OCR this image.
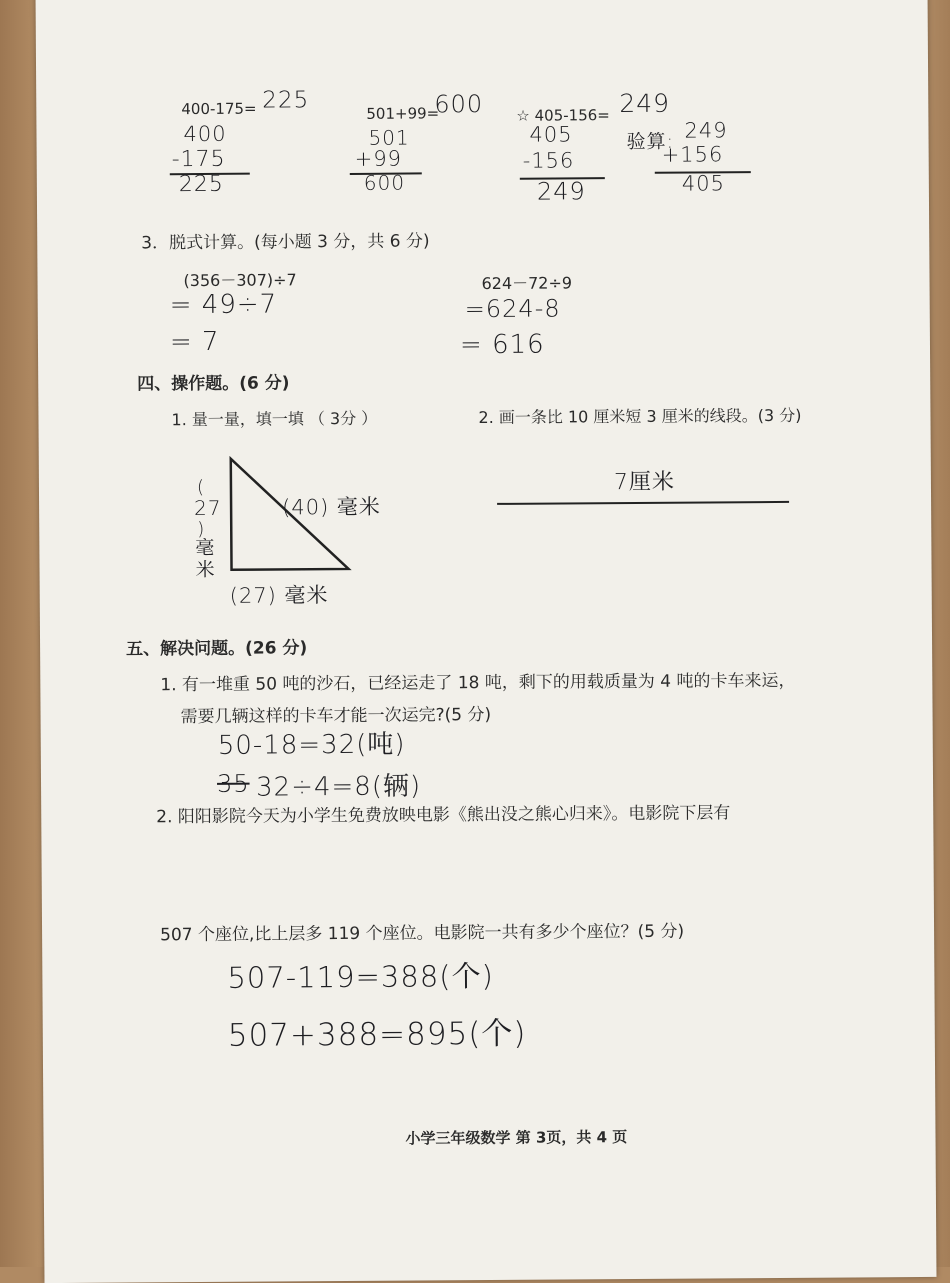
400-175= 225
400
-175
225
501+99=
600
501
+99
600
☆ 405-156= 249
405
-156
249
验算: 249
+156
405
3．脱式计算。(每小题 3 分，共 6 分)
(356－307)÷7
= 49÷7
= 7
624－72÷9
=624-8
= 616
四、操作题。(6 分)
1. 量一量，填一填 （ 3分 ）	2. 画一条比 10 厘米短 3 厘米的线段。(3 分)
(
27
)
毫米
(40) 毫米
(27) 毫米
7厘米
五、解决问题。(26 分)
1. 有一堆重 50 吨的沙石，已经运走了 18 吨，剩下的用载质量为 4 吨的卡车来运，
需要几辆这样的卡车才能一次运完?(5 分)
50-18=32(吨)
35 32÷4=8(辆)
2. 阳阳影院今天为小学生免费放映电影《熊出没之熊心归来》。电影院下层有
507 个座位,比上层多 119 个座位。电影院一共有多少个座位？(5 分)
507-119=388(个)
507+388=895(个)
小学三年级数学 第 3页，共 4 页
